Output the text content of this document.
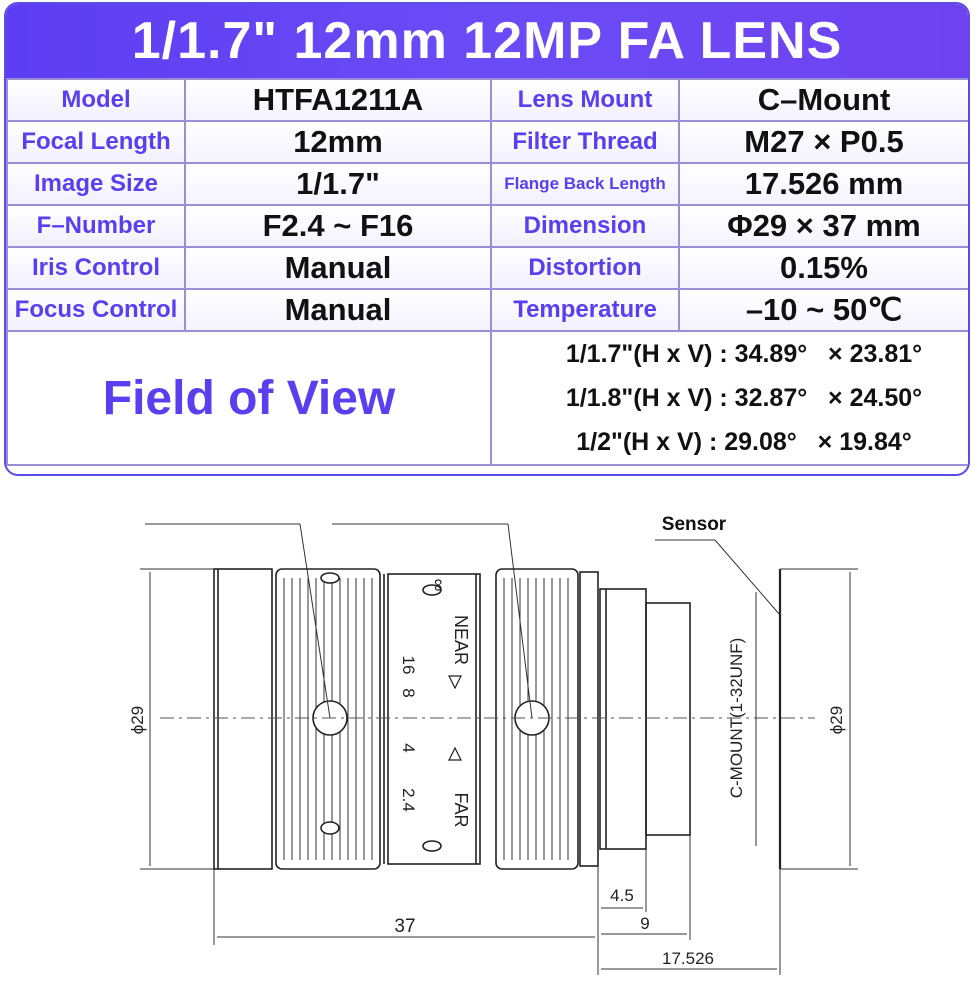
1/1.7" 12mm 12MP FA LENS
Model	HTFA1211A	Lens Mount	C–Mount
Focal Length	12mm	Filter Thread	M27 × P0.5
Image Size	1/1.7"	Flange Back Length	17.526 mm
F–Number	F2.4 ~ F16	Dimension	Φ29 × 37 mm
Iris Control	Manual	Distortion	0.15%
Focus Control	Manual	Temperature	–10 ~ 50℃
Field of View		1/1.7"(H x V) : 34.89°   × 23.81°
1/1.8"(H x V) : 32.87°   × 24.50°
1/2"(H x V) : 29.08°   × 19.84°	
Sensor
ϕ29	ϕ29
C-MOUNT(1-32UNF)
4.5
9
37
17.526
NEAR
FAR
16
8
4
2.4
∞
